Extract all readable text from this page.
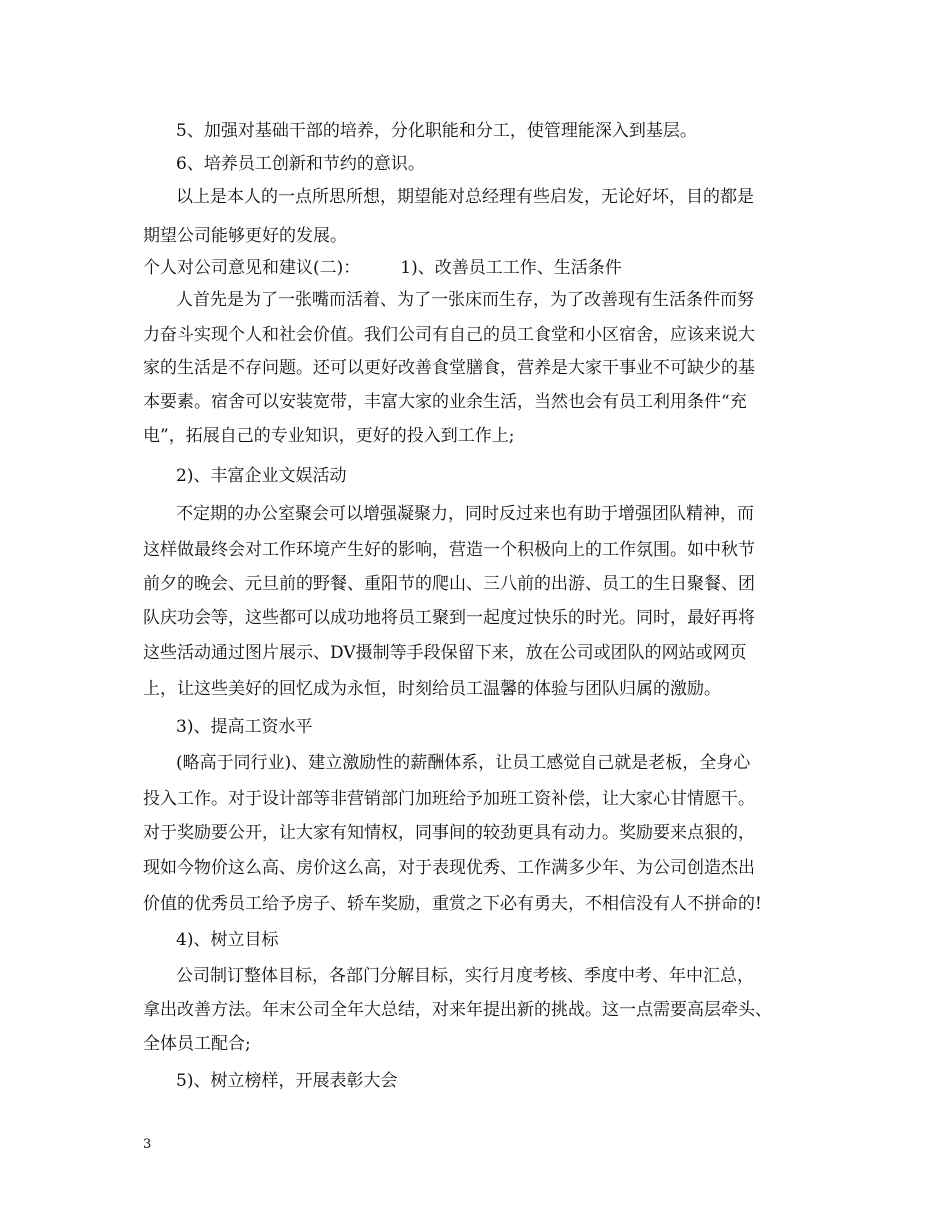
5、加强对基础干部的培养，分化职能和分工，使管理能深入到基层。
6、培养员工创新和节约的意识。
以上是本人的一点所思所想，期望能对总经理有些启发，无论好坏，目的都是
期望公司能够更好的发展。
个人对公司意见和建议(二)： 1)、改善员工工作、生活条件
人首先是为了一张嘴而活着、为了一张床而生存，为了改善现有生活条件而努
力奋斗实现个人和社会价值。我们公司有自己的员工食堂和小区宿舍，应该来说大
家的生活是不存问题。还可以更好改善食堂膳食，营养是大家干事业不可缺少的基
本要素。宿舍可以安装宽带，丰富大家的业余生活，当然也会有员工利用条件“充
电”，拓展自己的专业知识，更好的投入到工作上;
2)、丰富企业文娱活动
不定期的办公室聚会可以增强凝聚力，同时反过来也有助于增强团队精神，而
这样做最终会对工作环境产生好的影响，营造一个积极向上的工作氛围。如中秋节
前夕的晚会、元旦前的野餐、重阳节的爬山、三八前的出游、员工的生日聚餐、团
队庆功会等，这些都可以成功地将员工聚到一起度过快乐的时光。同时，最好再将
这些活动通过图片展示、DV摄制等手段保留下来，放在公司或团队的网站或网页
上，让这些美好的回忆成为永恒，时刻给员工温馨的体验与团队归属的激励。
3)、提高工资水平
(略高于同行业)、建立激励性的薪酬体系，让员工感觉自己就是老板，全身心
投入工作。对于设计部等非营销部门加班给予加班工资补偿，让大家心甘情愿干。
对于奖励要公开，让大家有知情权，同事间的较劲更具有动力。奖励要来点狠的，
现如今物价这么高、房价这么高，对于表现优秀、工作满多少年、为公司创造杰出
价值的优秀员工给予房子、轿车奖励，重赏之下必有勇夫，不相信没有人不拼命的!
4)、树立目标
公司制订整体目标，各部门分解目标，实行月度考核、季度中考、年中汇总，
拿出改善方法。年末公司全年大总结，对来年提出新的挑战。这一点需要高层牵头、
全体员工配合;
5)、树立榜样，开展表彰大会
3
